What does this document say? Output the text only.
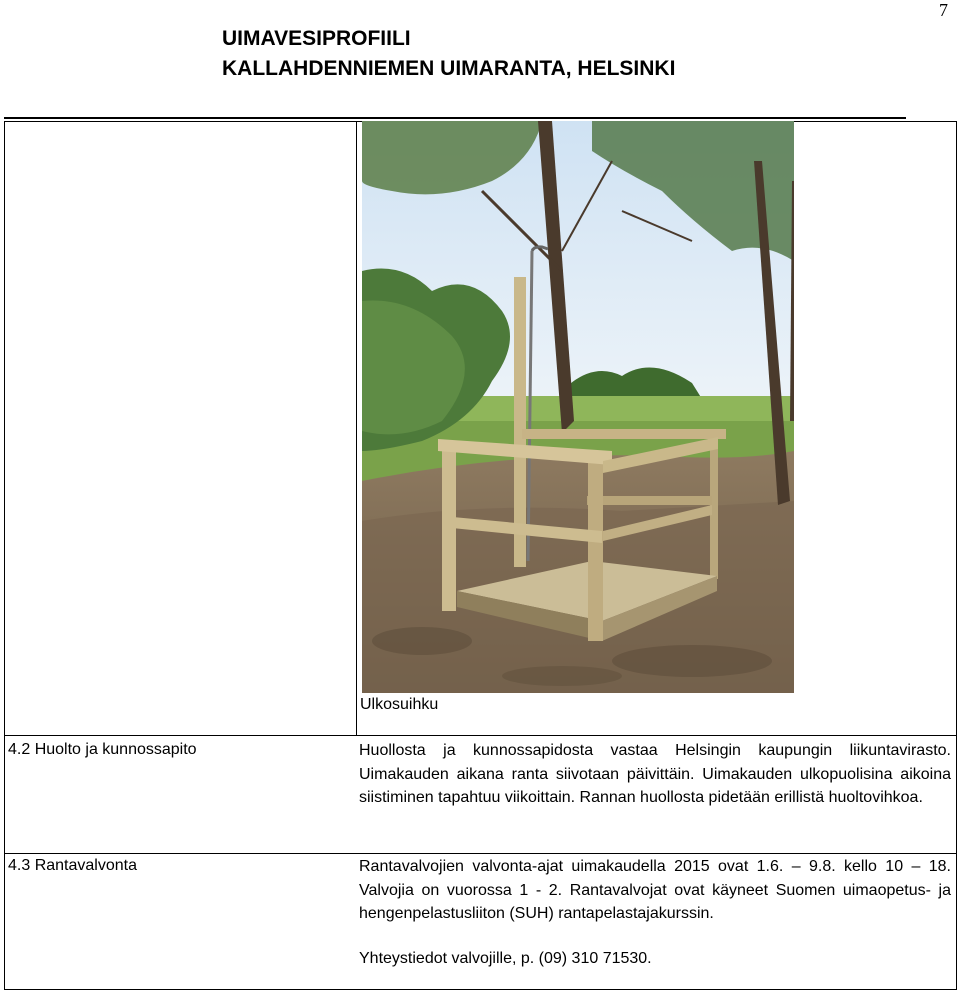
7
UIMAVESIPROFIILI
KALLAHDENNIEMEN UIMARANTA, HELSINKI
Ulkosuihku
4.2 Huolto ja kunnossapito	Huollosta ja kunnossapidosta vastaa Helsingin kaupungin liikuntavirasto. Uimakauden aikana ranta siivotaan päivittäin. Uimakauden ulkopuolisina aikoina siistiminen tapahtuu viikoittain. Rannan huollosta pidetään erillistä huoltovihkoa.

4.3 Rantavalvonta	Rantavalvojien valvonta-ajat uimakaudella 2015 ovat 1.6. – 9.8. kello 10 – 18. Valvojia on vuorossa 1 - 2. Rantavalvojat ovat käyneet Suomen uimaopetus- ja hengenpelastusliiton (SUH) rantapelastajakurssin.

Yhteystiedot valvojille, p. (09) 310 71530.
